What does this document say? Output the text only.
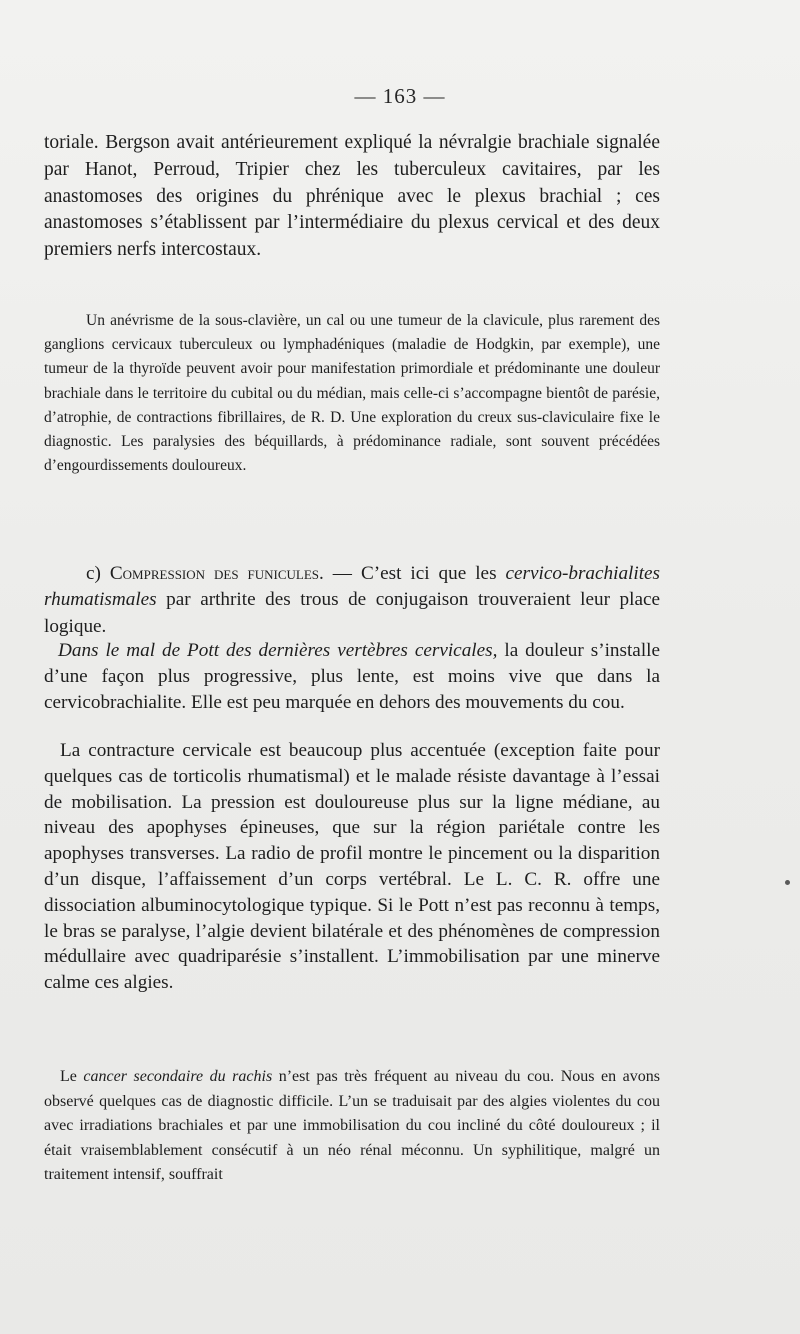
— 163 —

toriale. Bergson avait antérieurement expliqué la névralgie brachiale signalée par Hanot, Perroud, Tripier chez les tuberculeux cavitaires, par les anastomoses des origines du phrénique avec le plexus brachial ; ces anastomoses s’établissent par l’intermédiaire du plexus cervical et des deux premiers nerfs intercostaux.

Un anévrisme de la sous-clavière, un cal ou une tumeur de la clavicule, plus rarement des ganglions cervicaux tuberculeux ou lymphadéniques (maladie de Hodgkin, par exemple), une tumeur de la thyroïde peuvent avoir pour manifestation primordiale et prédominante une douleur brachiale dans le territoire du cubital ou du médian, mais celle-ci s’accompagne bientôt de parésie, d’atrophie, de contractions fibrillaires, de R. D. Une exploration du creux sus-claviculaire fixe le diagnostic. Les paralysies des béquillards, à prédominance radiale, sont souvent précédées d’engourdissements douloureux.

c) Compression des funicules. — C’est ici que les cervico-brachialites rhumatismales par arthrite des trous de conjugaison trouveraient leur place logique.

Dans le mal de Pott des dernières vertèbres cervicales, la douleur s’installe d’une façon plus progressive, plus lente, est moins vive que dans la cervicobrachialite. Elle est peu marquée en dehors des mouvements du cou.

La contracture cervicale est beaucoup plus accentuée (exception faite pour quelques cas de torticolis rhumatismal) et le malade résiste davantage à l’essai de mobilisation. La pression est douloureuse plus sur la ligne médiane, au niveau des apophyses épineuses, que sur la région pariétale contre les apophyses transverses. La radio de profil montre le pincement ou la disparition d’un disque, l’affaissement d’un corps vertébral. Le L. C. R. offre une dissociation albuminocytologique typique. Si le Pott n’est pas reconnu à temps, le bras se paralyse, l’algie devient bilatérale et des phénomènes de compression médullaire avec quadriparésie s’installent. L’immobilisation par une minerve calme ces algies.

Le cancer secondaire du rachis n’est pas très fréquent au niveau du cou. Nous en avons observé quelques cas de diagnostic difficile. L’un se traduisait par des algies violentes du cou avec irradiations brachiales et par une immobilisation du cou incliné du côté douloureux ; il était vraisemblablement consécutif à un néo rénal méconnu. Un syphilitique, malgré un traitement intensif, souffrait
